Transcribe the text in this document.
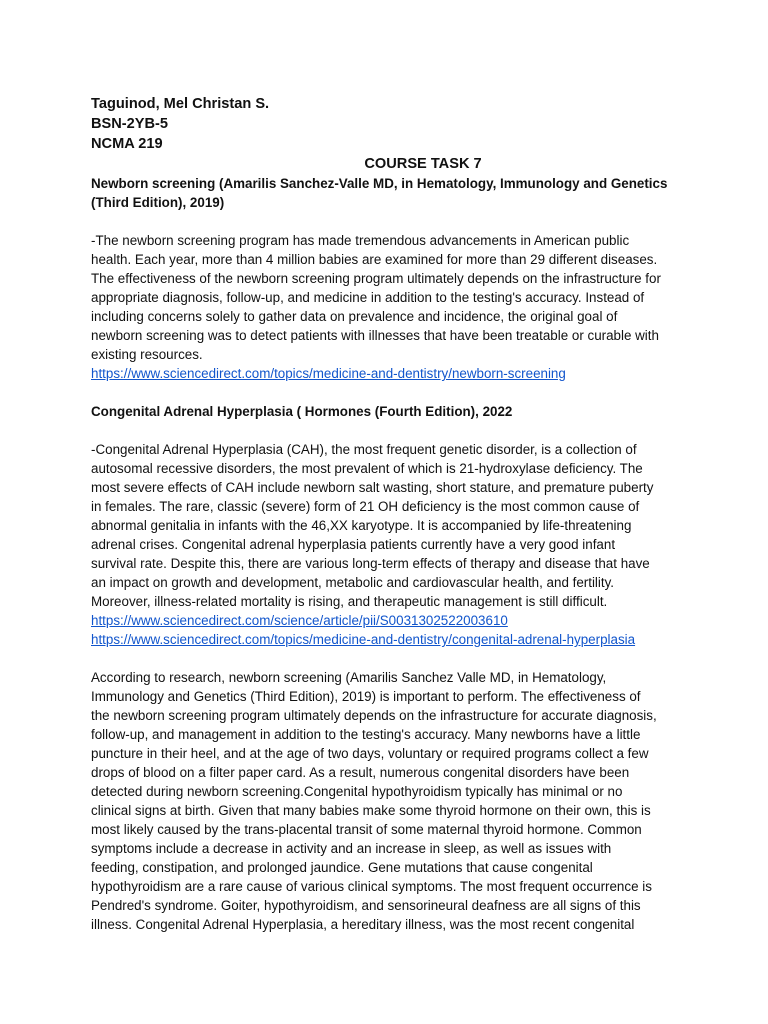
Taguinod, Mel Christan S.

BSN-2YB-5

NCMA 219

COURSE TASK 7

Newborn screening (Amarilis Sanchez-Valle MD, in Hematology, Immunology and Genetics (Third Edition), 2019)

-The newborn screening program has made tremendous advancements in American public

health. Each year, more than 4 million babies are examined for more than 29 different diseases.

The effectiveness of the newborn screening program ultimately depends on the infrastructure for

appropriate diagnosis, follow-up, and medicine in addition to the testing's accuracy. Instead of

including concerns solely to gather data on prevalence and incidence, the original goal of

newborn screening was to detect patients with illnesses that have been treatable or curable with

existing resources.

https://www.sciencedirect.com/topics/medicine-and-dentistry/newborn-screening

Congenital Adrenal Hyperplasia ( Hormones (Fourth Edition), 2022

-Congenital Adrenal Hyperplasia (CAH), the most frequent genetic disorder, is a collection of

autosomal recessive disorders, the most prevalent of which is 21-hydroxylase deficiency. The

most severe effects of CAH include newborn salt wasting, short stature, and premature puberty

in females. The rare, classic (severe) form of 21 OH deficiency is the most common cause of

abnormal genitalia in infants with the 46,XX karyotype. It is accompanied by life-threatening

adrenal crises. Congenital adrenal hyperplasia patients currently have a very good infant

survival rate. Despite this, there are various long-term effects of therapy and disease that have

an impact on growth and development, metabolic and cardiovascular health, and fertility.

Moreover, illness-related mortality is rising, and therapeutic management is still difficult.

https://www.sciencedirect.com/science/article/pii/S0031302522003610
https://www.sciencedirect.com/topics/medicine-and-dentistry/congenital-adrenal-hyperplasia

According to research, newborn screening (Amarilis Sanchez Valle MD, in Hematology,

Immunology and Genetics (Third Edition), 2019) is important to perform. The effectiveness of

the newborn screening program ultimately depends on the infrastructure for accurate diagnosis,

follow-up, and management in addition to the testing's accuracy. Many newborns have a little

puncture in their heel, and at the age of two days, voluntary or required programs collect a few

drops of blood on a filter paper card. As a result, numerous congenital disorders have been

detected during newborn screening.Congenital hypothyroidism typically has minimal or no

clinical signs at birth. Given that many babies make some thyroid hormone on their own, this is

most likely caused by the trans-placental transit of some maternal thyroid hormone. Common

symptoms include a decrease in activity and an increase in sleep, as well as issues with

feeding, constipation, and prolonged jaundice. Gene mutations that cause congenital

hypothyroidism are a rare cause of various clinical symptoms. The most frequent occurrence is

Pendred's syndrome. Goiter, hypothyroidism, and sensorineural deafness are all signs of this

illness. Congenital Adrenal Hyperplasia, a hereditary illness, was the most recent congenital
